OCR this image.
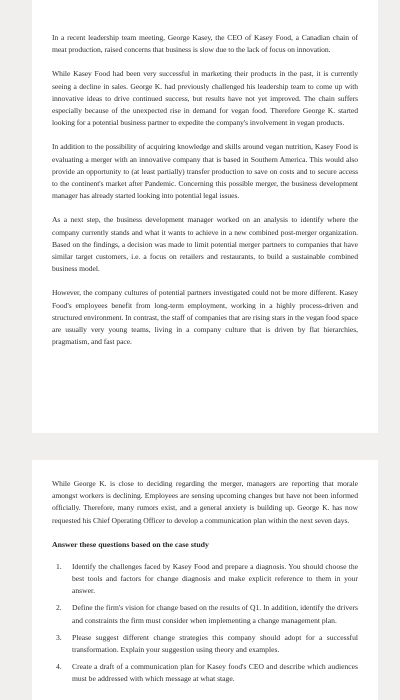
In a recent leadership team meeting, George Kasey, the CEO of Kasey Food, a Canadian chain of meat production, raised concerns that business is slow due to the lack of focus on innovation.

While Kasey Food had been very successful in marketing their products in the past, it is currently seeing a decline in sales. George K. had previously challenged his leadership team to come up with innovative ideas to drive continued success, but results have not yet improved. The chain suffers especially because of the unexpected rise in demand for vegan food. Therefore George K. started looking for a potential business partner to expedite the company's involvement in vegan products.

In addition to the possibility of acquiring knowledge and skills around vegan nutrition, Kasey Food is evaluating a merger with an innovative company that is based in Southern America. This would also provide an opportunity to (at least partially) transfer production to save on costs and to secure access to the continent's market after Pandemic. Concerning this possible merger, the business development manager has already started looking into potential legal issues.

As a next step, the business development manager worked on an analysis to identify where the company currently stands and what it wants to achieve in a new combined post-merger organization. Based on the findings, a decision was made to limit potential merger partners to companies that have similar target customers, i.e. a focus on retailers and restaurants, to build a sustainable combined business model.

However, the company cultures of potential partners investigated could not be more different. Kasey Food's employees benefit from long-term employment, working in a highly process-driven and structured environment. In contrast, the staff of companies that are rising stars in the vegan food space are usually very young teams, living in a company culture that is driven by flat hierarchies, pragmatism, and fast pace.

While George K. is close to deciding regarding the merger, managers are reporting that morale amongst workers is declining. Employees are sensing upcoming changes but have not been informed officially. Therefore, many rumors exist, and a general anxiety is building up. George K. has now requested his Chief Operating Officer to develop a communication plan within the next seven days.

Answer these questions based on the case study
1. Identify the challenges faced by Kasey Food and prepare a diagnosis. You should choose the best tools and factors for change diagnosis and make explicit reference to them in your answer.
2. Define the firm's vision for change based on the results of Q1. In addition, identify the drivers and constraints the firm must consider when implementing a change management plan.
3. Please suggest different change strategies this company should adopt for a successful transformation. Explain your suggestion using theory and examples.
4. Create a draft of a communication plan for Kasey food's CEO and describe which audiences must be addressed with which message at what stage.
